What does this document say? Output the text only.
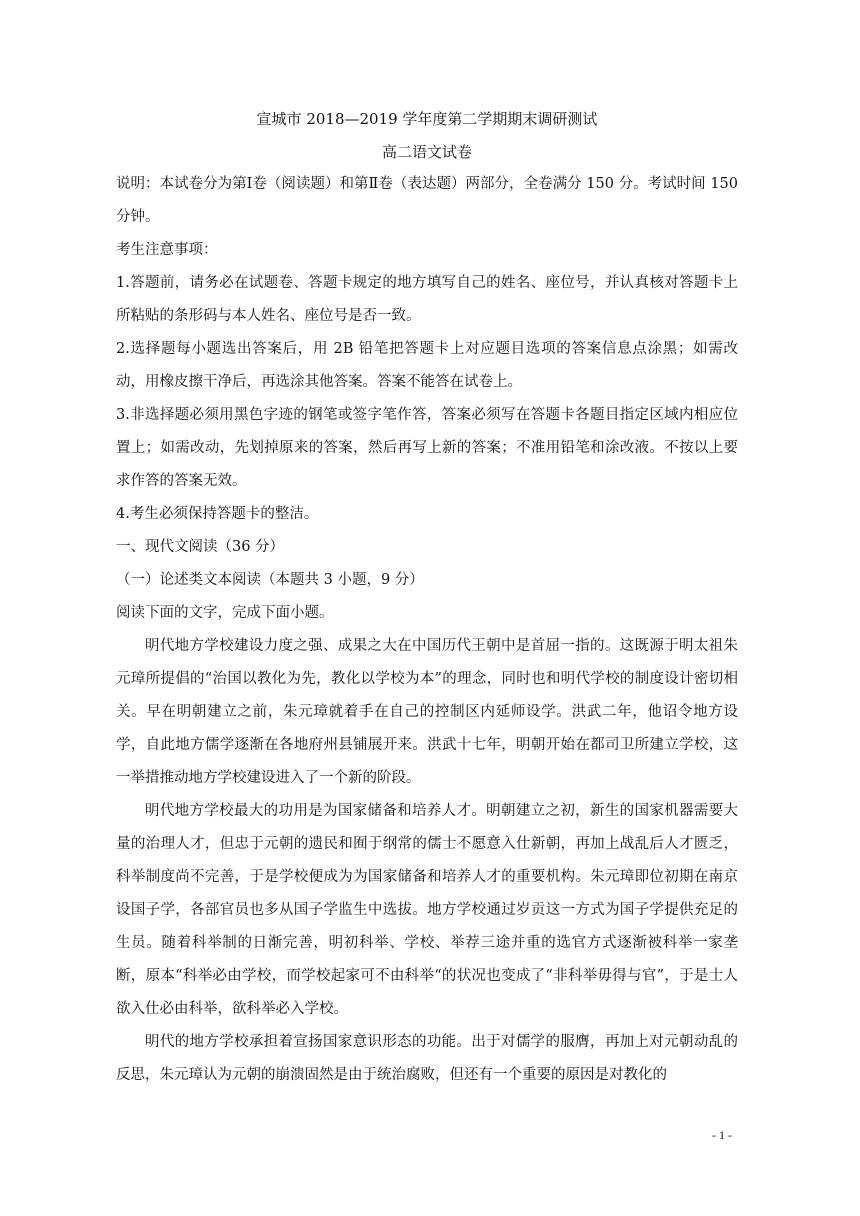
宣城市 2018—2019 学年度第二学期期末调研测试
高二语文试卷

说明：本试卷分为第Ⅰ卷（阅读题）和第Ⅱ卷（表达题）两部分，全卷满分 150 分。考试时间 150 分钟。

考生注意事项：

1.答题前，请务必在试题卷、答题卡规定的地方填写自己的姓名、座位号，并认真核对答题卡上所粘贴的条形码与本人姓名、座位号是否一致。

2.选择题每小题选出答案后，用 2B 铅笔把答题卡上对应题目选项的答案信息点涂黑；如需改动，用橡皮擦干净后，再选涂其他答案。答案不能答在试卷上。

3.非选择题必须用黑色字迹的钢笔或签字笔作答，答案必须写在答题卡各题目指定区域内相应位置上；如需改动，先划掉原来的答案，然后再写上新的答案；不准用铅笔和涂改液。不按以上要求作答的答案无效。

4.考生必须保持答题卡的整洁。

一、现代文阅读（36 分）

（一）论述类文本阅读（本题共 3 小题，9 分）

阅读下面的文字，完成下面小题。

明代地方学校建设力度之强、成果之大在中国历代王朝中是首屈一指的。这既源于明太祖朱元璋所提倡的“治国以教化为先，教化以学校为本”的理念，同时也和明代学校的制度设计密切相关。早在明朝建立之前，朱元璋就着手在自己的控制区内延师设学。洪武二年，他诏令地方设学，自此地方儒学逐渐在各地府州县铺展开来。洪武十七年，明朝开始在都司卫所建立学校，这一举措推动地方学校建设进入了一个新的阶段。

明代地方学校最大的功用是为国家储备和培养人才。明朝建立之初，新生的国家机器需要大量的治理人才，但忠于元朝的遗民和囿于纲常的儒士不愿意入仕新朝，再加上战乱后人才匮乏，科举制度尚不完善，于是学校便成为为国家储备和培养人才的重要机构。朱元璋即位初期在南京设国子学，各部官员也多从国子学监生中选拔。地方学校通过岁贡这一方式为国子学提供充足的生员。随着科举制的日渐完善，明初科举、学校、举荐三途并重的选官方式逐渐被科举一家垄断，原本“科举必由学校，而学校起家可不由科举“的状况也变成了“非科举毋得与官”，于是士人欲入仕必由科举，欲科举必入学校。

明代的地方学校承担着宣扬国家意识形态的功能。出于对儒学的服膺，再加上对元朝动乱的反思，朱元璋认为元朝的崩溃固然是由于统治腐败，但还有一个重要的原因是对教化的

- 1 -
